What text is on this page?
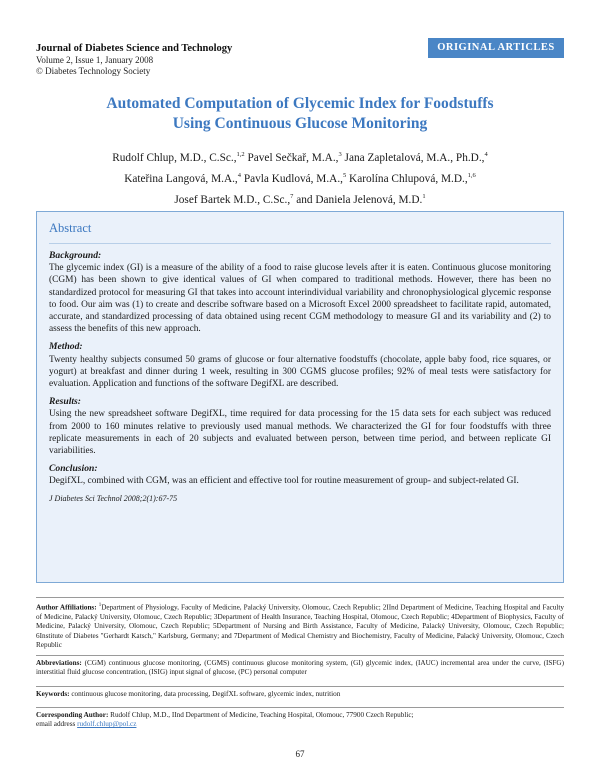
Journal of Diabetes Science and Technology
Volume 2, Issue 1, January 2008
© Diabetes Technology Society
ORIGINAL ARTICLES
Automated Computation of Glycemic Index for Foodstuffs
Using Continuous Glucose Monitoring
Rudolf Chlup, M.D., C.Sc.,$^{1,2}$ Pavel Sečkař, M.A.,$^3$ Jana Zapletalová, M.A., Ph.D.,$^4$
Kateřina Langová, M.A.,$^4$ Pavla Kudlová, M.A.,$^5$ Karolína Chlupová, M.D.,$^{1,6}$
Josef Bartek M.D., C.Sc.,$^7$ and Daniela Jelenová, M.D.$^1$
Abstract
Background:

The glycemic index (GI) is a measure of the ability of a food to raise glucose levels after it is eaten. Continuous glucose monitoring (CGM) has been shown to give identical values of GI when compared to traditional methods. However, there has been no standardized protocol for measuring GI that takes into account interindividual variability and chronophysiological glycemic response to food. Our aim was (1) to create and describe software based on a Microsoft Excel 2000 spreadsheet to facilitate rapid, automated, accurate, and standardized processing of data obtained using recent CGM methodology to measure GI and its variability and (2) to assess the benefits of this new approach.

Method:

Twenty healthy subjects consumed 50 grams of glucose or four alternative foodstuffs (chocolate, apple baby food, rice squares, or yogurt) at breakfast and dinner during 1 week, resulting in 300 CGMS glucose profiles; 92% of meal tests were satisfactory for evaluation. Application and functions of the software DegifXL are described.

Results:

Using the new spreadsheet software DegifXL, time required for data processing for the 15 data sets for each subject was reduced from 2000 to 160 minutes relative to previously used manual methods. We characterized the GI for four foodstuffs with three replicate measurements in each of 20 subjects and evaluated between person, between time period, and between replicate GI variabilities.

Conclusion:

DegifXL, combined with CGM, was an efficient and effective tool for routine measurement of group- and subject-related GI.

J Diabetes Sci Technol 2008;2(1):67-75
Author Affiliations: $^1$Department of Physiology, Faculty of Medicine, Palacký University, Olomouc, Czech Republic; 2IInd Department of Medicine, Teaching Hospital and Faculty of Medicine, Palacký University, Olomouc, Czech Republic; 3Department of Health Insurance, Teaching Hospital, Olomouc, Czech Republic; 4Department of Biophysics, Faculty of Medicine, Palacký University, Olomouc, Czech Republic; 5Department of Nursing and Birth Assistance, Faculty of Medicine, Palacký University, Olomouc, Czech Republic; 6Institute of Diabetes "Gerhardt Katsch," Karlsburg, Germany; and 7Department of Medical Chemistry and Biochemistry, Faculty of Medicine, Palacký University, Olomouc, Czech Republic
Abbreviations: (CGM) continuous glucose monitoring, (CGMS) continuous glucose monitoring system, (GI) glycemic index, (IAUC) incremental area under the curve, (ISFG) interstitial fluid glucose concentration, (ISIG) input signal of glucose, (PC) personal computer
Keywords: continuous glucose monitoring, data processing, DegifXL software, glycemic index, nutrition
Corresponding Author: Rudolf Chlup, M.D., IInd Department of Medicine, Teaching Hospital, Olomouc, 77900 Czech Republic;
email address rudolf.chlup@pol.cz
67
